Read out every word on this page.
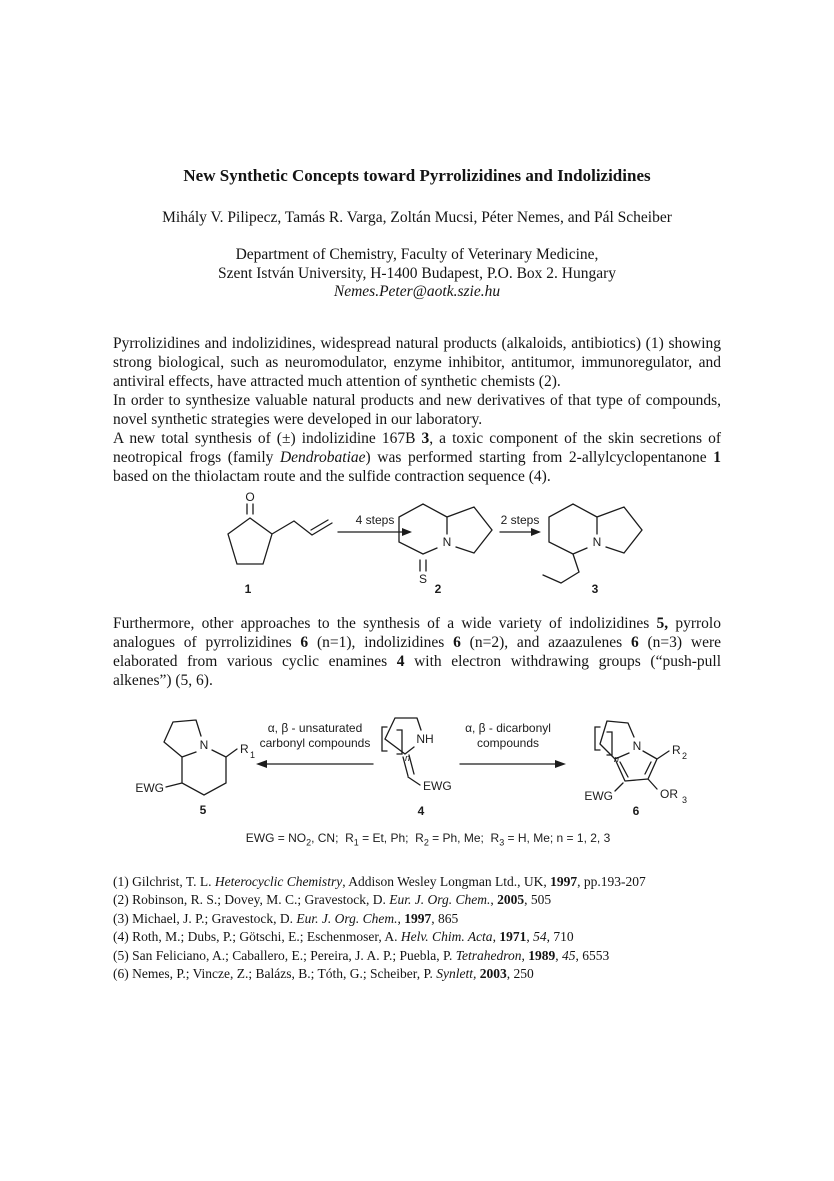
New Synthetic Concepts toward Pyrrolizidines and Indolizidines
Mihály V. Pilipecz, Tamás R. Varga, Zoltán Mucsi, Péter Nemes, and Pál Scheiber
Department of Chemistry, Faculty of Veterinary Medicine,
Szent István University, H-1400 Budapest, P.O. Box 2. Hungary
Nemes.Peter@aotk.szie.hu

Pyrrolizidines and indolizidines, widespread natural products (alkaloids, antibiotics) (1) showing strong biological, such as neuromodulator, enzyme inhibitor, antitumor, immunoregulator, and antiviral effects, have attracted much attention of synthetic chemists (2).

In order to synthesize valuable natural products and new derivatives of that type of compounds, novel synthetic strategies were developed in our laboratory.

A new total synthesis of (±) indolizidine 167B 3, a toxic component of the skin secretions of neotropical frogs (family Dendrobatiae) was performed starting from 2-allylcyclopentanone 1 based on the thiolactam route and the sulfide contraction sequence (4).

O
1
4 steps
N
S
2
2 steps
N
3

Furthermore, other approaches to the synthesis of a wide variety of indolizidines 5, pyrrolo analogues of pyrrolizidines 6 (n=1), indolizidines 6 (n=2), and azaazulenes 6 (n=3) were elaborated from various cyclic enamines 4 with electron withdrawing groups (“push-pull alkenes”) (5, 6).

N	R 1
EWG
5
α, β - unsaturated
carbonyl compounds	NH
n
EWG
4
α, β - dicarbonyl
compounds	N
n
R 2
OR 3
EWG
6
EWG = $NO_2$, CN;  $R_1 = Et$, Ph;  $R_2 = Ph$, Me;  $R_3 = H$, Me; n = 1, 2, 3
(1) Gilchrist, T. L. Heterocyclic Chemistry, Addison Wesley Longman Ltd., UK, 1997, pp.193-207
(2) Robinson, R. S.; Dovey, M. C.; Gravestock, D. Eur. J. Org. Chem., 2005, 505
(3) Michael, J. P.; Gravestock, D. Eur. J. Org. Chem., 1997, 865
(4) Roth, M.; Dubs, P.; Götschi, E.; Eschenmoser, A. Helv. Chim. Acta, 1971, 54, 710
(5) San Feliciano, A.; Caballero, E.; Pereira, J. A. P.; Puebla, P. Tetrahedron, 1989, 45, 6553
(6) Nemes, P.; Vincze, Z.; Balázs, B.; Tóth, G.; Scheiber, P. Synlett, 2003, 250
